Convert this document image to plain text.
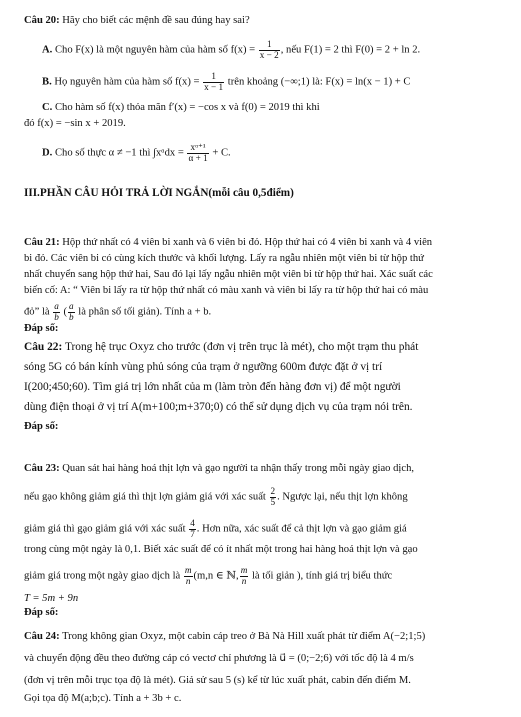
Câu 20: Hãy cho biết các mệnh đề sau đúng hay sai?
A. Cho F(x) là một nguyên hàm của hàm số $f(x) = \frac{1}{x - 2}$ , nếu F(1) = 2 thì F(0) = 2 + ln 2.
B. Họ nguyên hàm của hàm số $f(x) = \frac{1}{x - 1}$ trên khoảng (−∞;1) là: F(x) = ln(x − 1) + C
C. Cho hàm số f(x) thỏa mãn f′(x) = −cos x và f(0) = 2019 thì khi
đó f(x) = −sin x + 2019.
D. Cho số thực α ≠ −1 thì ∫xᵅdx = $\frac{\text{xᵅ⁺¹}}{\alpha + 1} + C$.
III.PHẦN CÂU HỎI TRẢ LỜI NGẮN(mỗi câu 0,5điểm)
Câu 21: Hộp thứ nhất có 4 viên bi xanh và 6 viên bi đỏ. Hộp thứ hai có 4 viên bi xanh và 4 viên
bi đỏ. Các viên bi có cùng kích thước và khối lượng. Lấy ra ngẫu nhiên một viên bi từ hộp thứ
nhất chuyển sang hộp thứ hai, Sau đó lại lấy ngẫu nhiên một viên bi từ hộp thứ hai. Xác suất các
biến cố: A: “ Viên bi lấy ra từ hộp thứ nhất có màu xanh và viên bi lấy ra từ hộp thứ hai có màu
đỏ” là $\frac{a}{b}$ ( $\frac{a}{b}$ là phân số tối giản). Tính a + b.
Đáp số:
Câu 22: Trong hệ trục Oxyz cho trước (đơn vị trên trục là mét), cho một trạm thu phát
sóng 5G có bán kính vùng phủ sóng của trạm ở ngưỡng 600m được đặt ở vị trí
I(200;450;60). Tìm giá trị lớn nhất của m (làm tròn đến hàng đơn vị) để một người
dùng điện thoại ở vị trí A(m+100;m+370;0) có thể sử dụng dịch vụ của trạm nói trên.
Đáp số:
Câu 23: Quan sát hai hàng hoá thịt lợn và gạo người ta nhận thấy trong mỗi ngày giao dịch,
nếu gạo không giảm giá thì thịt lợn giảm giá với xác suất $\frac{2}{5}$ . Ngược lại, nếu thịt lợn không
giảm giá thì gạo giảm giá với xác suất $\frac{4}{7}$ . Hơn nữa, xác suất để cả thịt lợn và gạo giảm giá
trong cùng một ngày là 0,1. Biết xác suất để có ít nhất một trong hai hàng hoá thịt lợn và gạo
giảm giá trong một ngày giao dịch là $\frac{m}{n} (m,n$ ∈ ℕ, $\frac{m}{n}$ là tối giản ), tính giá trị biểu thức
T = 5m + 9n
Đáp số:
Câu 24: Trong không gian Oxyz, một cabin cáp treo ở Bà Nà Hill xuất phát từ điểm A(−2;1;5)
và chuyển động đều theo đường cáp có vectơ chỉ phương là u⃗ = (0;−2;6) với tốc độ là 4 m/s
(đơn vị trên mỗi trục tọa độ là mét). Giả sử sau 5 (s) kể từ lúc xuất phát, cabin đến điểm M.
Gọi tọa độ M(a;b;c). Tính a + 3b + c.
